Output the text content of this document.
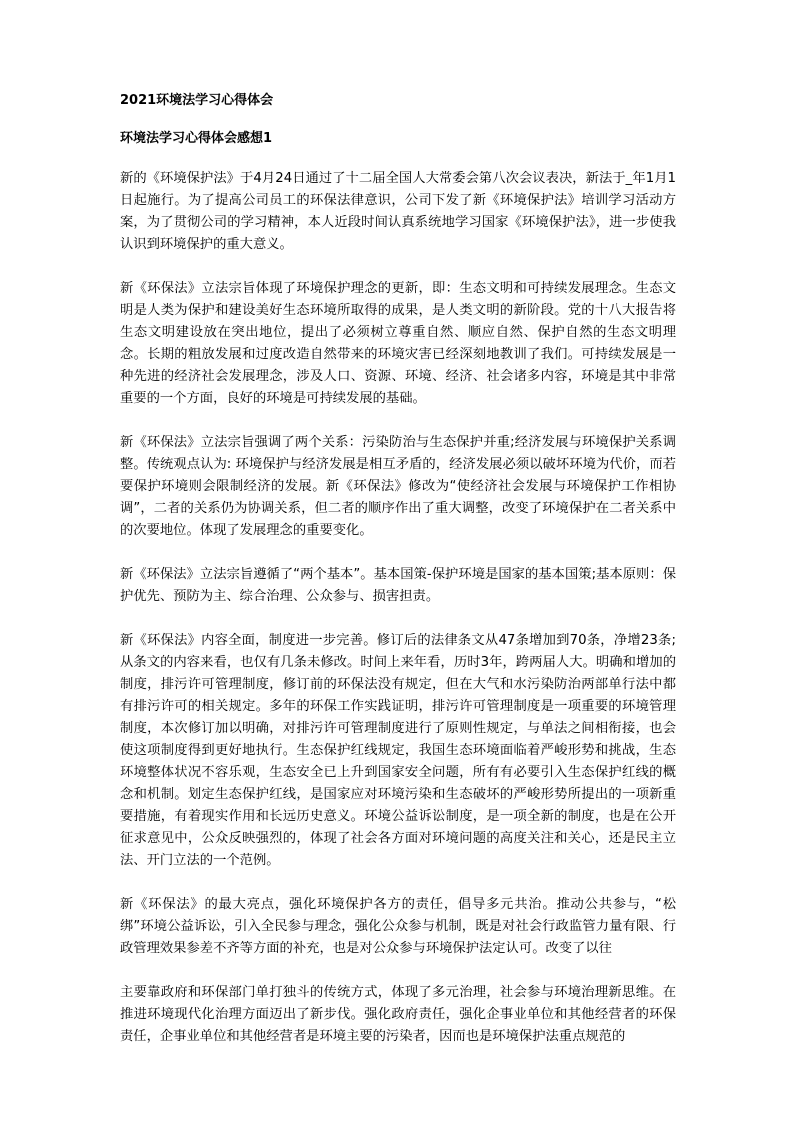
2021环境法学习心得体会
环境法学习心得体会感想1

新的《环境保护法》于4月24日通过了十二届全国人大常委会第八次会议表决，新法于_年1月1日起施行。为了提高公司员工的环保法律意识，公司下发了新《环境保护法》培训学习活动方案，为了贯彻公司的学习精神，本人近段时间认真系统地学习国家《环境保护法》，进一步使我认识到环境保护的重大意义。

新《环保法》立法宗旨体现了环境保护理念的更新，即：生态文明和可持续发展理念。生态文明是人类为保护和建设美好生态环境所取得的成果，是人类文明的新阶段。党的十八大报告将生态文明建设放在突出地位，提出了必须树立尊重自然、顺应自然、保护自然的生态文明理念。长期的粗放发展和过度改造自然带来的环境灾害已经深刻地教训了我们。可持续发展是一种先进的经济社会发展理念，涉及人口、资源、环境、经济、社会诸多内容，环境是其中非常重要的一个方面，良好的环境是可持续发展的基础。

新《环保法》立法宗旨强调了两个关系：污染防治与生态保护并重;经济发展与环境保护关系调整。传统观点认为: 环境保护与经济发展是相互矛盾的，经济发展必须以破坏环境为代价，而若要保护环境则会限制经济的发展。新《环保法》修改为“使经济社会发展与环境保护工作相协调”，二者的关系仍为协调关系，但二者的顺序作出了重大调整，改变了环境保护在二者关系中的次要地位。体现了发展理念的重要变化。

新《环保法》立法宗旨遵循了“两个基本”。基本国策-保护环境是国家的基本国策;基本原则：保护优先、预防为主、综合治理、公众参与、损害担责。

新《环保法》内容全面，制度进一步完善。修订后的法律条文从47条增加到70条，净增23条;从条文的内容来看，也仅有几条未修改。时间上来年看，历时3年，跨两届人大。明确和增加的制度，排污许可管理制度，修订前的环保法没有规定，但在大气和水污染防治两部单行法中都有排污许可的相关规定。多年的环保工作实践证明，排污许可管理制度是一项重要的环境管理制度，本次修订加以明确，对排污许可管理制度进行了原则性规定，与单法之间相衔接，也会使这项制度得到更好地执行。生态保护红线规定，我国生态环境面临着严峻形势和挑战，生态环境整体状况不容乐观，生态安全已上升到国家安全问题，所有有必要引入生态保护红线的概念和机制。划定生态保护红线，是国家应对环境污染和生态破坏的严峻形势所提出的一项新重要措施，有着现实作用和长远历史意义。环境公益诉讼制度，是一项全新的制度，也是在公开征求意见中，公众反映强烈的，体现了社会各方面对环境问题的高度关注和关心，还是民主立法、开门立法的一个范例。

新《环保法》的最大亮点，强化环境保护各方的责任，倡导多元共治。推动公共参与，“松绑”环境公益诉讼，引入全民参与理念，强化公众参与机制，既是对社会行政监管力量有限、行政管理效果参差不齐等方面的补充，也是对公众参与环境保护法定认可。改变了以往

主要靠政府和环保部门单打独斗的传统方式，体现了多元治理，社会参与环境治理新思维。在推进环境现代化治理方面迈出了新步伐。强化政府责任，强化企事业单位和其他经营者的环保责任，企事业单位和其他经营者是环境主要的污染者，因而也是环境保护法重点规范的
